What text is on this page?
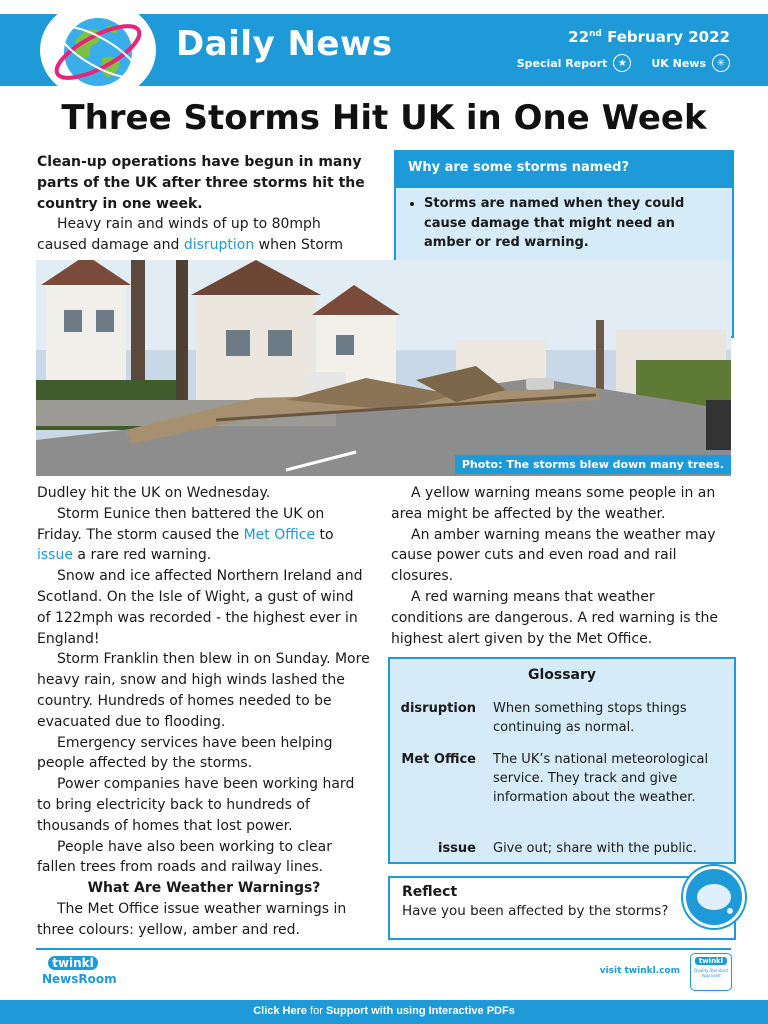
Daily News	22nd February 2022
Special Report	★	UK News	✳
Three Storms Hit UK in One Week

Clean-up operations have begun in many parts of the UK after three storms hit the country in one week.

Heavy rain and winds of up to 80mph caused damage and disruption when Storm

Why are some storms named?
• Storms are named when they could cause damage that might need an amber or red warning.
•
Photo: The storms blew down many trees.

Dudley hit the UK on Wednesday.

Storm Eunice then battered the UK on Friday. The storm caused the Met Office to issue a rare red warning.

Snow and ice affected Northern Ireland and Scotland. On the Isle of Wight, a gust of wind of 122mph was recorded - the highest ever in England!

Storm Franklin then blew in on Sunday. More heavy rain, snow and high winds lashed the country. Hundreds of homes needed to be evacuated due to flooding.

Emergency services have been helping people affected by the storms.

Power companies have been working hard to bring electricity back to hundreds of thousands of homes that lost power.

People have also been working to clear fallen trees from roads and railway lines.

What Are Weather Warnings?

The Met Office issue weather warnings in three colours: yellow, amber and red.

A yellow warning means some people in an area might be affected by the weather.

An amber warning means the weather may cause power cuts and even road and rail closures.

A red warning means that weather conditions are dangerous. A red warning is the highest alert given by the Met Office.

Glossary
disruption When something stops things continuing as normal.
Met Office The UK’s national meteorological service. They track and give information about the weather.
issue Give out; share with the public.
Reflect
Have you been affected by the storms?
twinkl
NewsRoom
visit twinkl.com
twinkl
Quality Standard Approved
Click Here for Support with using Interactive PDFs
